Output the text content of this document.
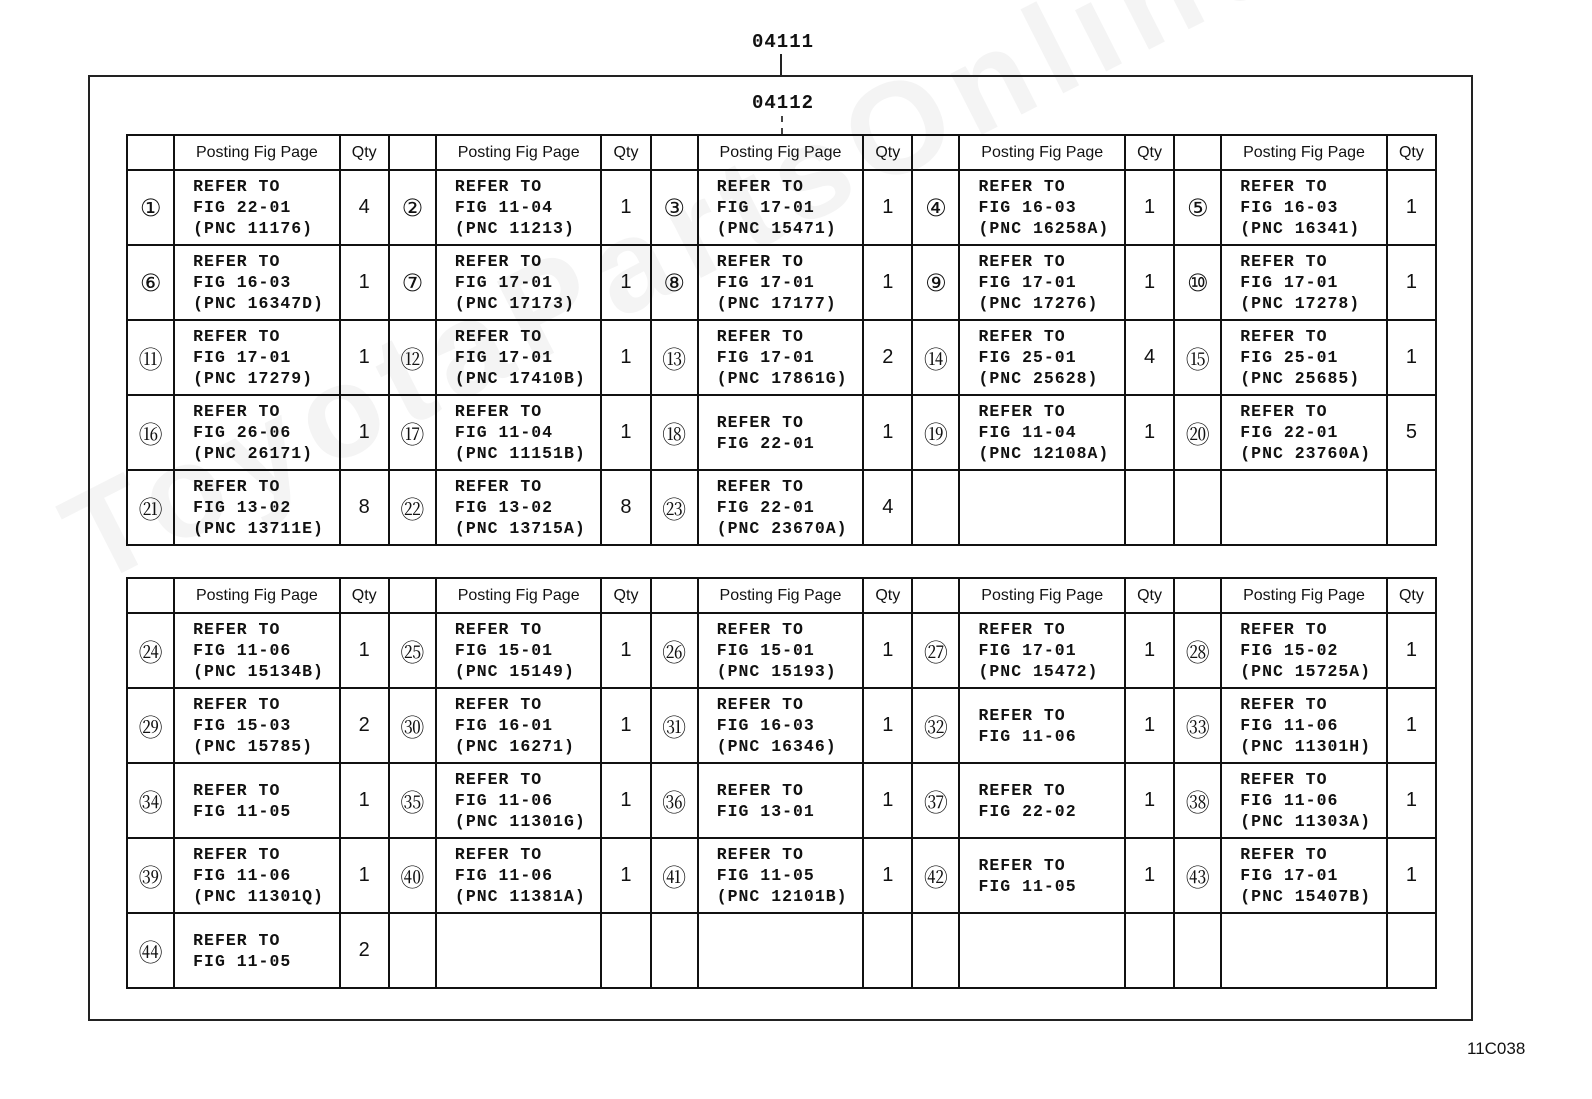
04111
04112
	Posting Fig Page	Qty		Posting Fig Page	Qty		Posting Fig Page	Qty		Posting Fig Page	Qty		Posting Fig Page	Qty
①	REFER TO
FIG 22-01
(PNC 11176)	4	②	REFER TO
FIG 11-04
(PNC 11213)	1	③	REFER TO
FIG 17-01
(PNC 15471)	1	④	REFER TO
FIG 16-03
(PNC 16258A)	1	⑤	REFER TO
FIG 16-03
(PNC 16341)	1
⑥	REFER TO
FIG 16-03
(PNC 16347D)	1	⑦	REFER TO
FIG 17-01
(PNC 17173)	1	⑧	REFER TO
FIG 17-01
(PNC 17177)	1	⑨	REFER TO
FIG 17-01
(PNC 17276)	1	⑩	REFER TO
FIG 17-01
(PNC 17278)	1
⑪	REFER TO
FIG 17-01
(PNC 17279)	1	⑫	REFER TO
FIG 17-01
(PNC 17410B)	1	⑬	REFER TO
FIG 17-01
(PNC 17861G)	2	⑭	REFER TO
FIG 25-01
(PNC 25628)	4	⑮	REFER TO
FIG 25-01
(PNC 25685)	1
⑯	REFER TO
FIG 26-06
(PNC 26171)	1	⑰	REFER TO
FIG 11-04
(PNC 11151B)	1	⑱	REFER TO
FIG 22-01	1	⑲	REFER TO
FIG 11-04
(PNC 12108A)	1	⑳	REFER TO
FIG 22-01
(PNC 23760A)	5
㉑	REFER TO
FIG 13-02
(PNC 13711E)	8	㉒	REFER TO
FIG 13-02
(PNC 13715A)	8	㉓	REFER TO
FIG 22-01
(PNC 23670A)	4						
	Posting Fig Page	Qty		Posting Fig Page	Qty		Posting Fig Page	Qty		Posting Fig Page	Qty		Posting Fig Page	Qty
㉔	REFER TO
FIG 11-06
(PNC 15134B)	1	㉕	REFER TO
FIG 15-01
(PNC 15149)	1	㉖	REFER TO
FIG 15-01
(PNC 15193)	1	㉗	REFER TO
FIG 17-01
(PNC 15472)	1	㉘	REFER TO
FIG 15-02
(PNC 15725A)	1
㉙	REFER TO
FIG 15-03
(PNC 15785)	2	㉚	REFER TO
FIG 16-01
(PNC 16271)	1	㉛	REFER TO
FIG 16-03
(PNC 16346)	1	㉜	REFER TO
FIG 11-06	1	㉝	REFER TO
FIG 11-06
(PNC 11301H)	1
㉞	REFER TO
FIG 11-05	1	㉟	REFER TO
FIG 11-06
(PNC 11301G)	1	㊱	REFER TO
FIG 13-01	1	㊲	REFER TO
FIG 22-02	1	㊳	REFER TO
FIG 11-06
(PNC 11303A)	1
㊴	REFER TO
FIG 11-06
(PNC 11301Q)	1	㊵	REFER TO
FIG 11-06
(PNC 11381A)	1	㊶	REFER TO
FIG 11-05
(PNC 12101B)	1	㊷	REFER TO
FIG 11-05	1	㊸	REFER TO
FIG 17-01
(PNC 15407B)	1
㊹	REFER TO
FIG 11-05	2												
11C038
